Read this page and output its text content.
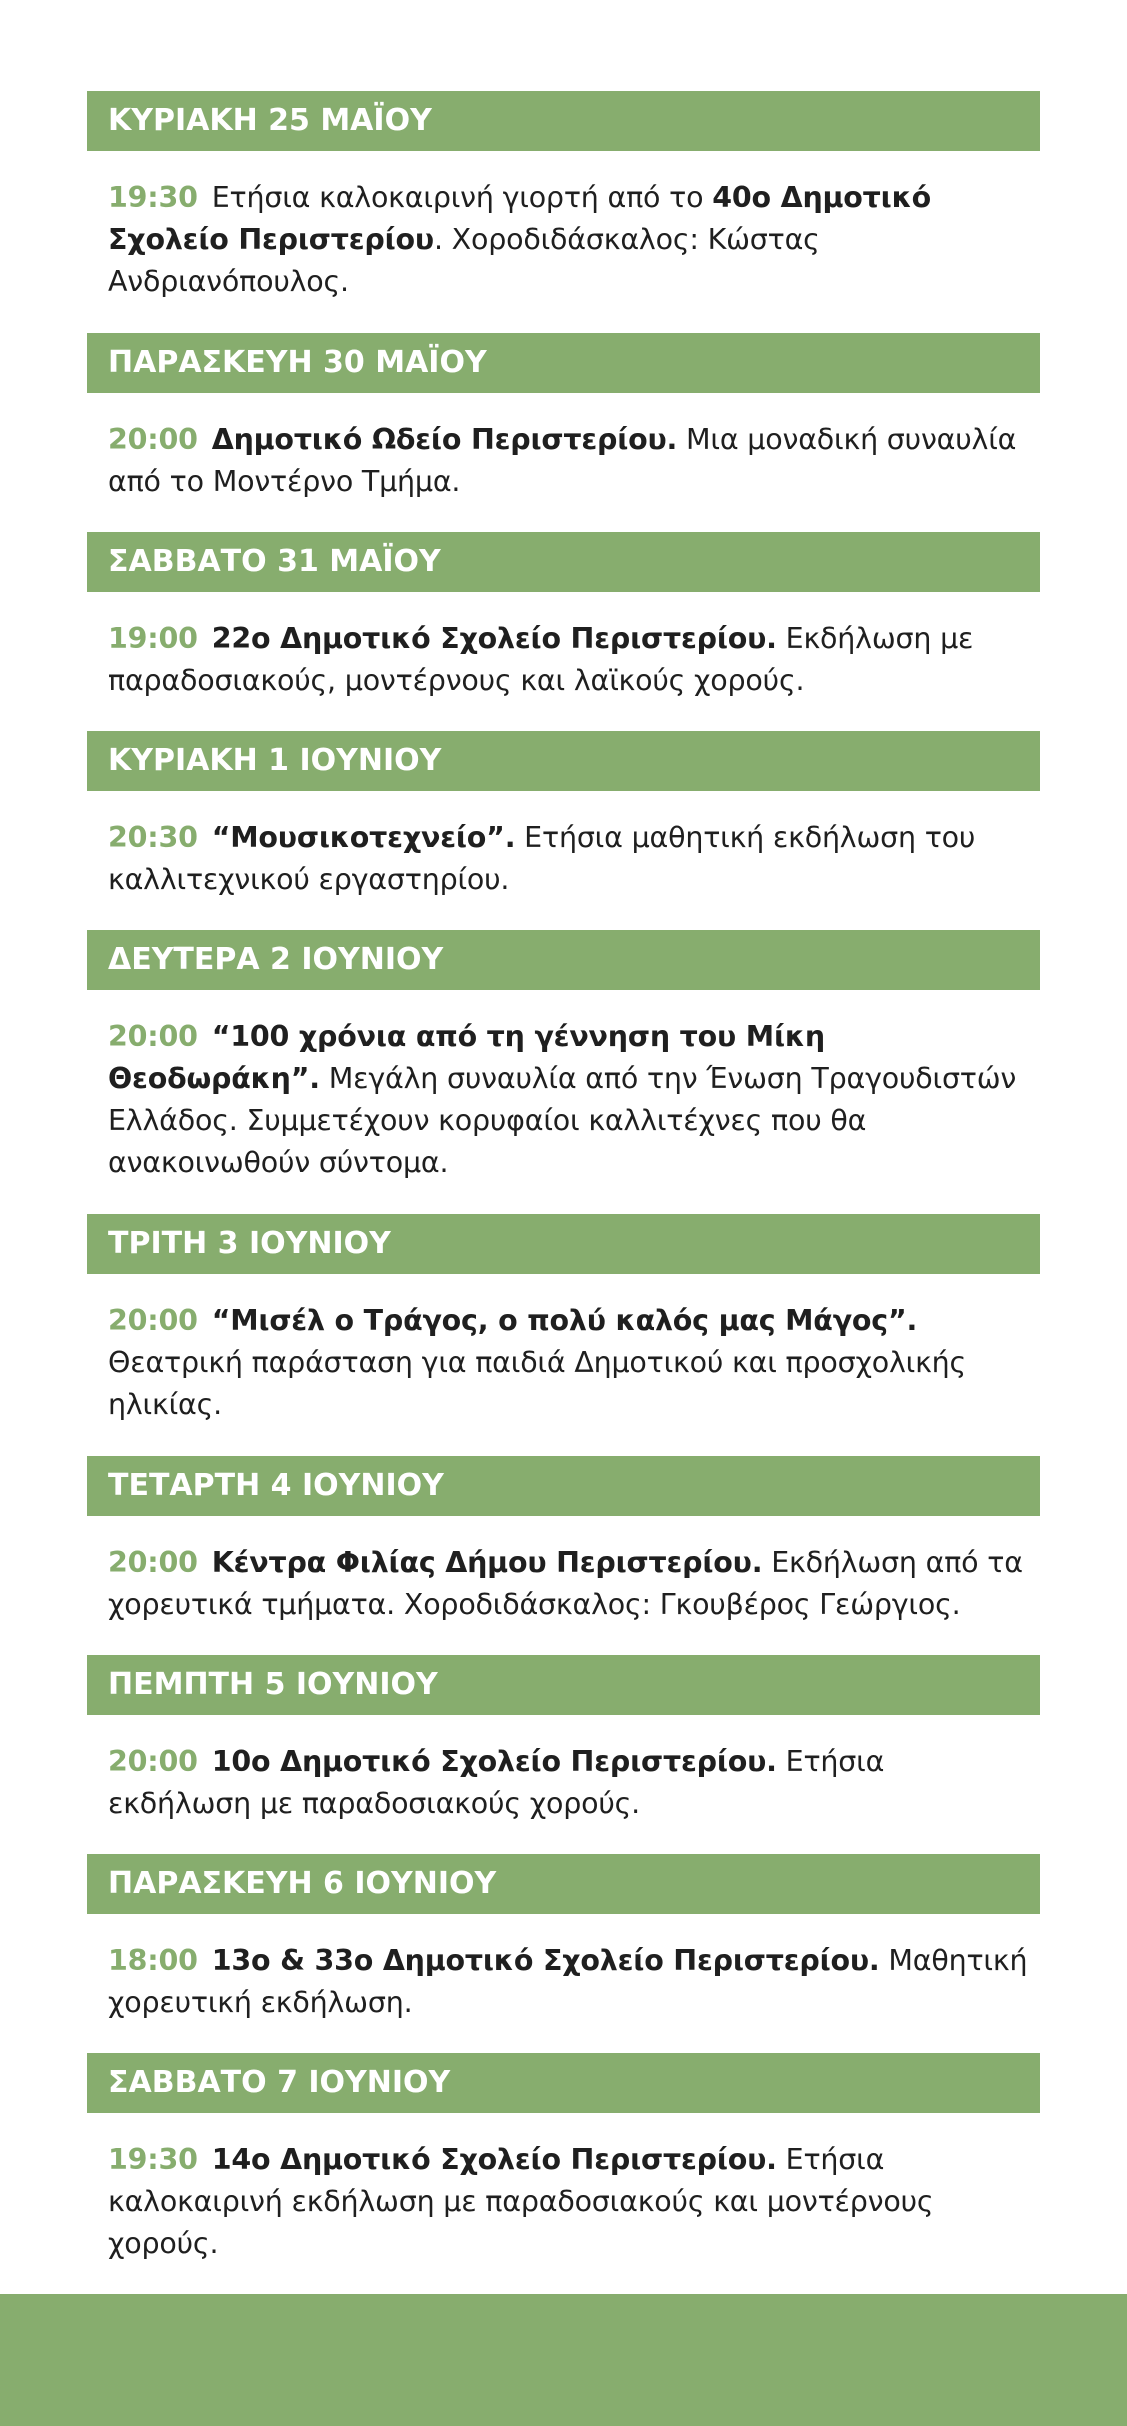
ΚΥΡΙΑΚΗ 25 ΜΑΪΟΥ
19:30 Ετήσια καλοκαιρινή γιορτή από το 40ο Δημοτικό Σχολείο Περιστερίου. Χοροδιδάσκαλος: Κώστας Ανδριανόπουλος.
ΠΑΡΑΣΚΕΥΗ 30 ΜΑΪΟΥ
20:00 Δημοτικό Ωδείο Περιστερίου. Μια μοναδική συναυλία από το Μοντέρνο Τμήμα.
ΣΑΒΒΑΤΟ 31 ΜΑΪΟΥ
19:00 22ο Δημοτικό Σχολείο Περιστερίου. Εκδήλωση με παραδοσιακούς, μοντέρνους και λαϊκούς χορούς.
ΚΥΡΙΑΚΗ 1 ΙΟΥΝΙΟΥ
20:30 “Μουσικοτεχνείο”. Ετήσια μαθητική εκδήλωση του καλλιτεχνικού εργαστηρίου.
ΔΕΥΤΕΡΑ 2 ΙΟΥΝΙΟΥ
20:00 “100 χρόνια από τη γέννηση του Μίκη Θεοδωράκη”. Μεγάλη συναυλία από την Ένωση Τραγουδιστών Ελλάδος. Συμμετέχουν κορυφαίοι καλλιτέχνες που θα ανακοινωθούν σύντομα.
ΤΡΙΤΗ 3 ΙΟΥΝΙΟΥ
20:00 “Μισέλ ο Τράγος, ο πολύ καλός μας Μάγος”. Θεατρική παράσταση για παιδιά Δημοτικού και προσχολικής ηλικίας.
ΤΕΤΑΡΤΗ 4 ΙΟΥΝΙΟΥ
20:00 Κέντρα Φιλίας Δήμου Περιστερίου. Εκδήλωση από τα χορευτικά τμήματα. Χοροδιδάσκαλος: Γκουβέρος Γεώργιος.
ΠΕΜΠΤΗ 5 ΙΟΥΝΙΟΥ
20:00 10ο Δημοτικό Σχολείο Περιστερίου. Ετήσια εκδήλωση με παραδοσιακούς χορούς.
ΠΑΡΑΣΚΕΥΗ 6 ΙΟΥΝΙΟΥ
18:00 13ο & 33ο Δημοτικό Σχολείο Περιστερίου. Μαθητική χορευτική εκδήλωση.
ΣΑΒΒΑΤΟ 7 ΙΟΥΝΙΟΥ
19:30 14ο Δημοτικό Σχολείο Περιστερίου. Ετήσια καλοκαιρινή εκδήλωση με παραδοσιακούς και μοντέρνους χορούς.
